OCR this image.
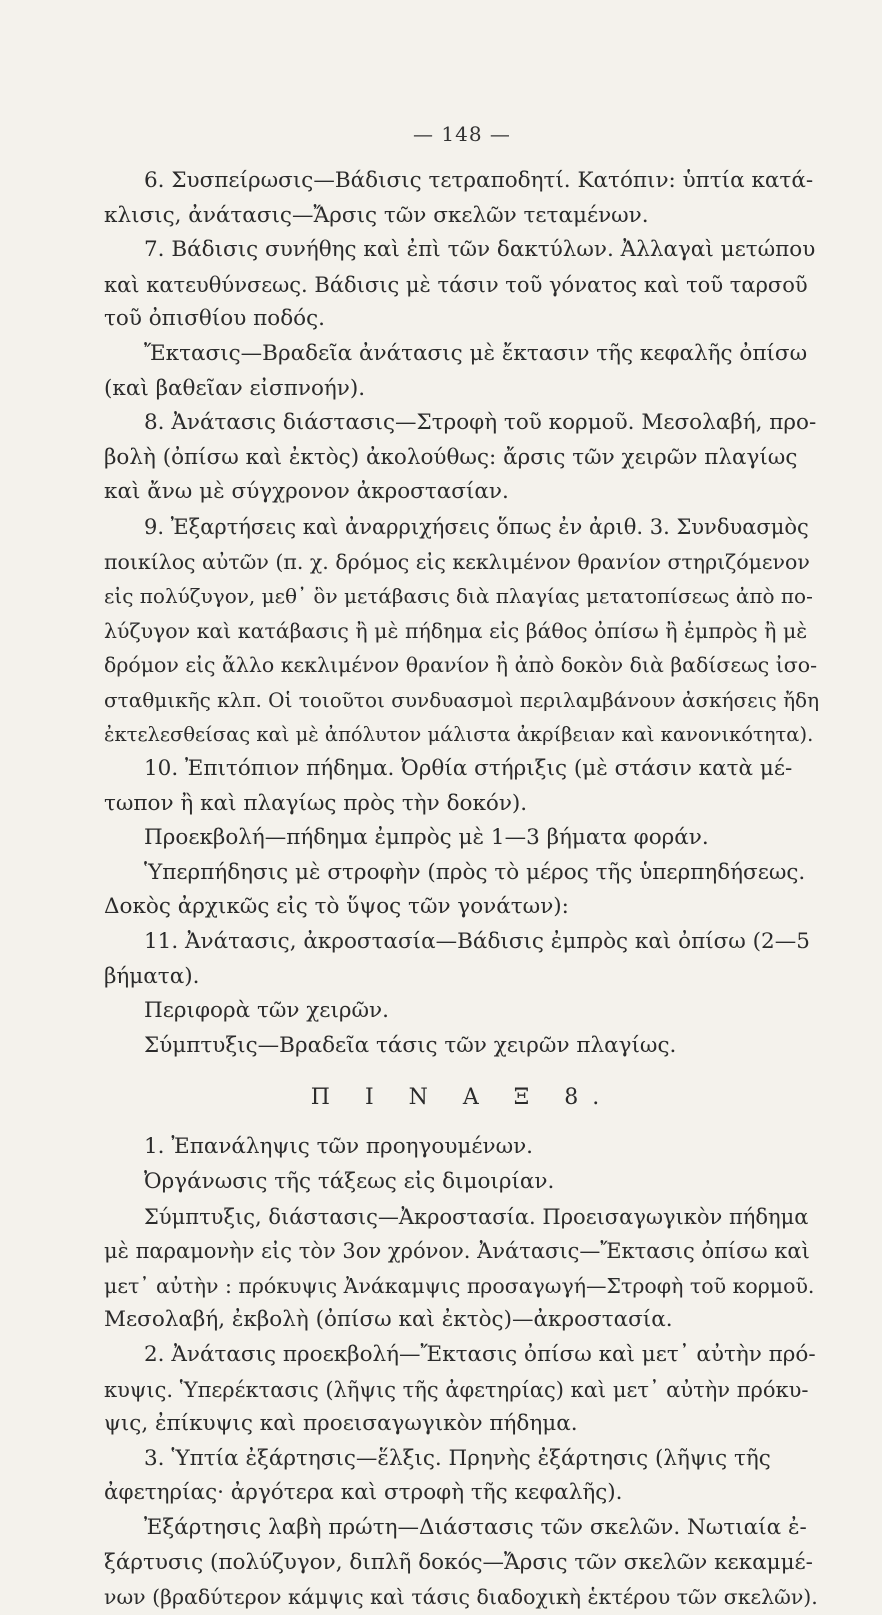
— 148 —
6. Συσπείρωσις—Βάδισις τετραποδητί. Κατόπιν: ὑπτία κατά-
κλισις, ἀνάτασις—Ἄρσις τῶν σκελῶν τεταμένων.
7. Βάδισις συνήθης καὶ ἐπὶ τῶν δακτύλων. Ἀλλαγαὶ μετώπου
καὶ κατευθύνσεως. Βάδισις μὲ τάσιν τοῦ γόνατος καὶ τοῦ ταρσοῦ
τοῦ ὀπισθίου ποδός.
Ἔκτασις—Βραδεῖα ἀνάτασις μὲ ἔκτασιν τῆς κεφαλῆς ὀπίσω
(καὶ βαθεῖαν εἰσπνοήν).
8. Ἀνάτασις διάστασις—Στροφὴ τοῦ κορμοῦ. Μεσολαβή, προ-
βολὴ (ὀπίσω καὶ ἐκτὸς) ἀκολούθως: ἄρσις τῶν χειρῶν πλαγίως
καὶ ἄνω μὲ σύγχρονον ἀκροστασίαν.
9. Ἐξαρτήσεις καὶ ἀναρριχήσεις ὅπως ἐν ἀριθ. 3. Συνδυασμὸς
ποικίλος αὐτῶν (π. χ. δρόμος εἰς κεκλιμένον θρανίον στηριζόμενον
εἰς πολύζυγον, μεθ᾽ ὃν μετάβασις διὰ πλαγίας μετατοπίσεως ἀπὸ πο-
λύζυγον καὶ κατάβασις ἢ μὲ πήδημα εἰς βάθος ὀπίσω ἢ ἐμπρὸς ἢ μὲ
δρόμον εἰς ἄλλο κεκλιμένον θρανίον ἢ ἀπὸ δοκὸν διὰ βαδίσεως ἰσο-
σταθμικῆς κλπ. Οἱ τοιοῦτοι συνδυασμοὶ περιλαμβάνουν ἀσκήσεις ἤδη
ἐκτελεσθείσας καὶ μὲ ἀπόλυτον μάλιστα ἀκρίβειαν καὶ κανονικότητα).
10. Ἐπιτόπιον πήδημα. Ὀρθία στήριξις (μὲ στάσιν κατὰ μέ-
τωπον ἢ καὶ πλαγίως πρὸς τὴν δοκόν).
Προεκβολή—πήδημα ἐμπρὸς μὲ 1—3 βήματα φοράν.
Ὑπερπήδησις μὲ στροφὴν (πρὸς τὸ μέρος τῆς ὑπερπηδήσεως.
Δοκὸς ἀρχικῶς εἰς τὸ ὕψος τῶν γονάτων):
11. Ἀνάτασις, ἀκροστασία—Βάδισις ἐμπρὸς καὶ ὀπίσω (2—5
βήματα).
Περιφορὰ τῶν χειρῶν.
Σύμπτυξις—Βραδεῖα τάσις τῶν χειρῶν πλαγίως.
Π Ι Ν Α Ξ 8.
1. Ἐπανάληψις τῶν προηγουμένων.
Ὀργάνωσις τῆς τάξεως εἰς διμοιρίαν.
Σύμπτυξις, διάστασις—Ἀκροστασία. Προεισαγωγικὸν πήδημα
μὲ παραμονὴν εἰς τὸν 3ον χρόνον. Ἀνάτασις—Ἔκτασις ὀπίσω καὶ
μετ᾽ αὐτὴν : πρόκυψις Ἀνάκαμψις προσαγωγή—Στροφὴ τοῦ κορμοῦ.
Μεσολαβή, ἐκβολὴ (ὀπίσω καὶ ἐκτὸς)—ἀκροστασία.
2. Ἀνάτασις προεκβολή—Ἔκτασις ὀπίσω καὶ μετ᾽ αὐτὴν πρό-
κυψις. Ὑπερέκτασις (λῆψις τῆς ἀφετηρίας) καὶ μετ᾽ αὐτὴν πρόκυ-
ψις, ἐπίκυψις καὶ προεισαγωγικὸν πήδημα.
3. Ὑπτία ἐξάρτησις—ἕλξις. Πρηνὴς ἐξάρτησις (λῆψις τῆς
ἀφετηρίας· ἀργότερα καὶ στροφὴ τῆς κεφαλῆς).
Ἐξάρτησις λαβὴ πρώτη—Διάστασις τῶν σκελῶν. Νωτιαία ἐ-
ξάρτυσις (πολύζυγον, διπλῆ δοκός—Ἄρσις τῶν σκελῶν κεκαμμέ-
νων (βραδύτερον κάμψις καὶ τάσις διαδοχικὴ ἑκτέρου τῶν σκελῶν).
